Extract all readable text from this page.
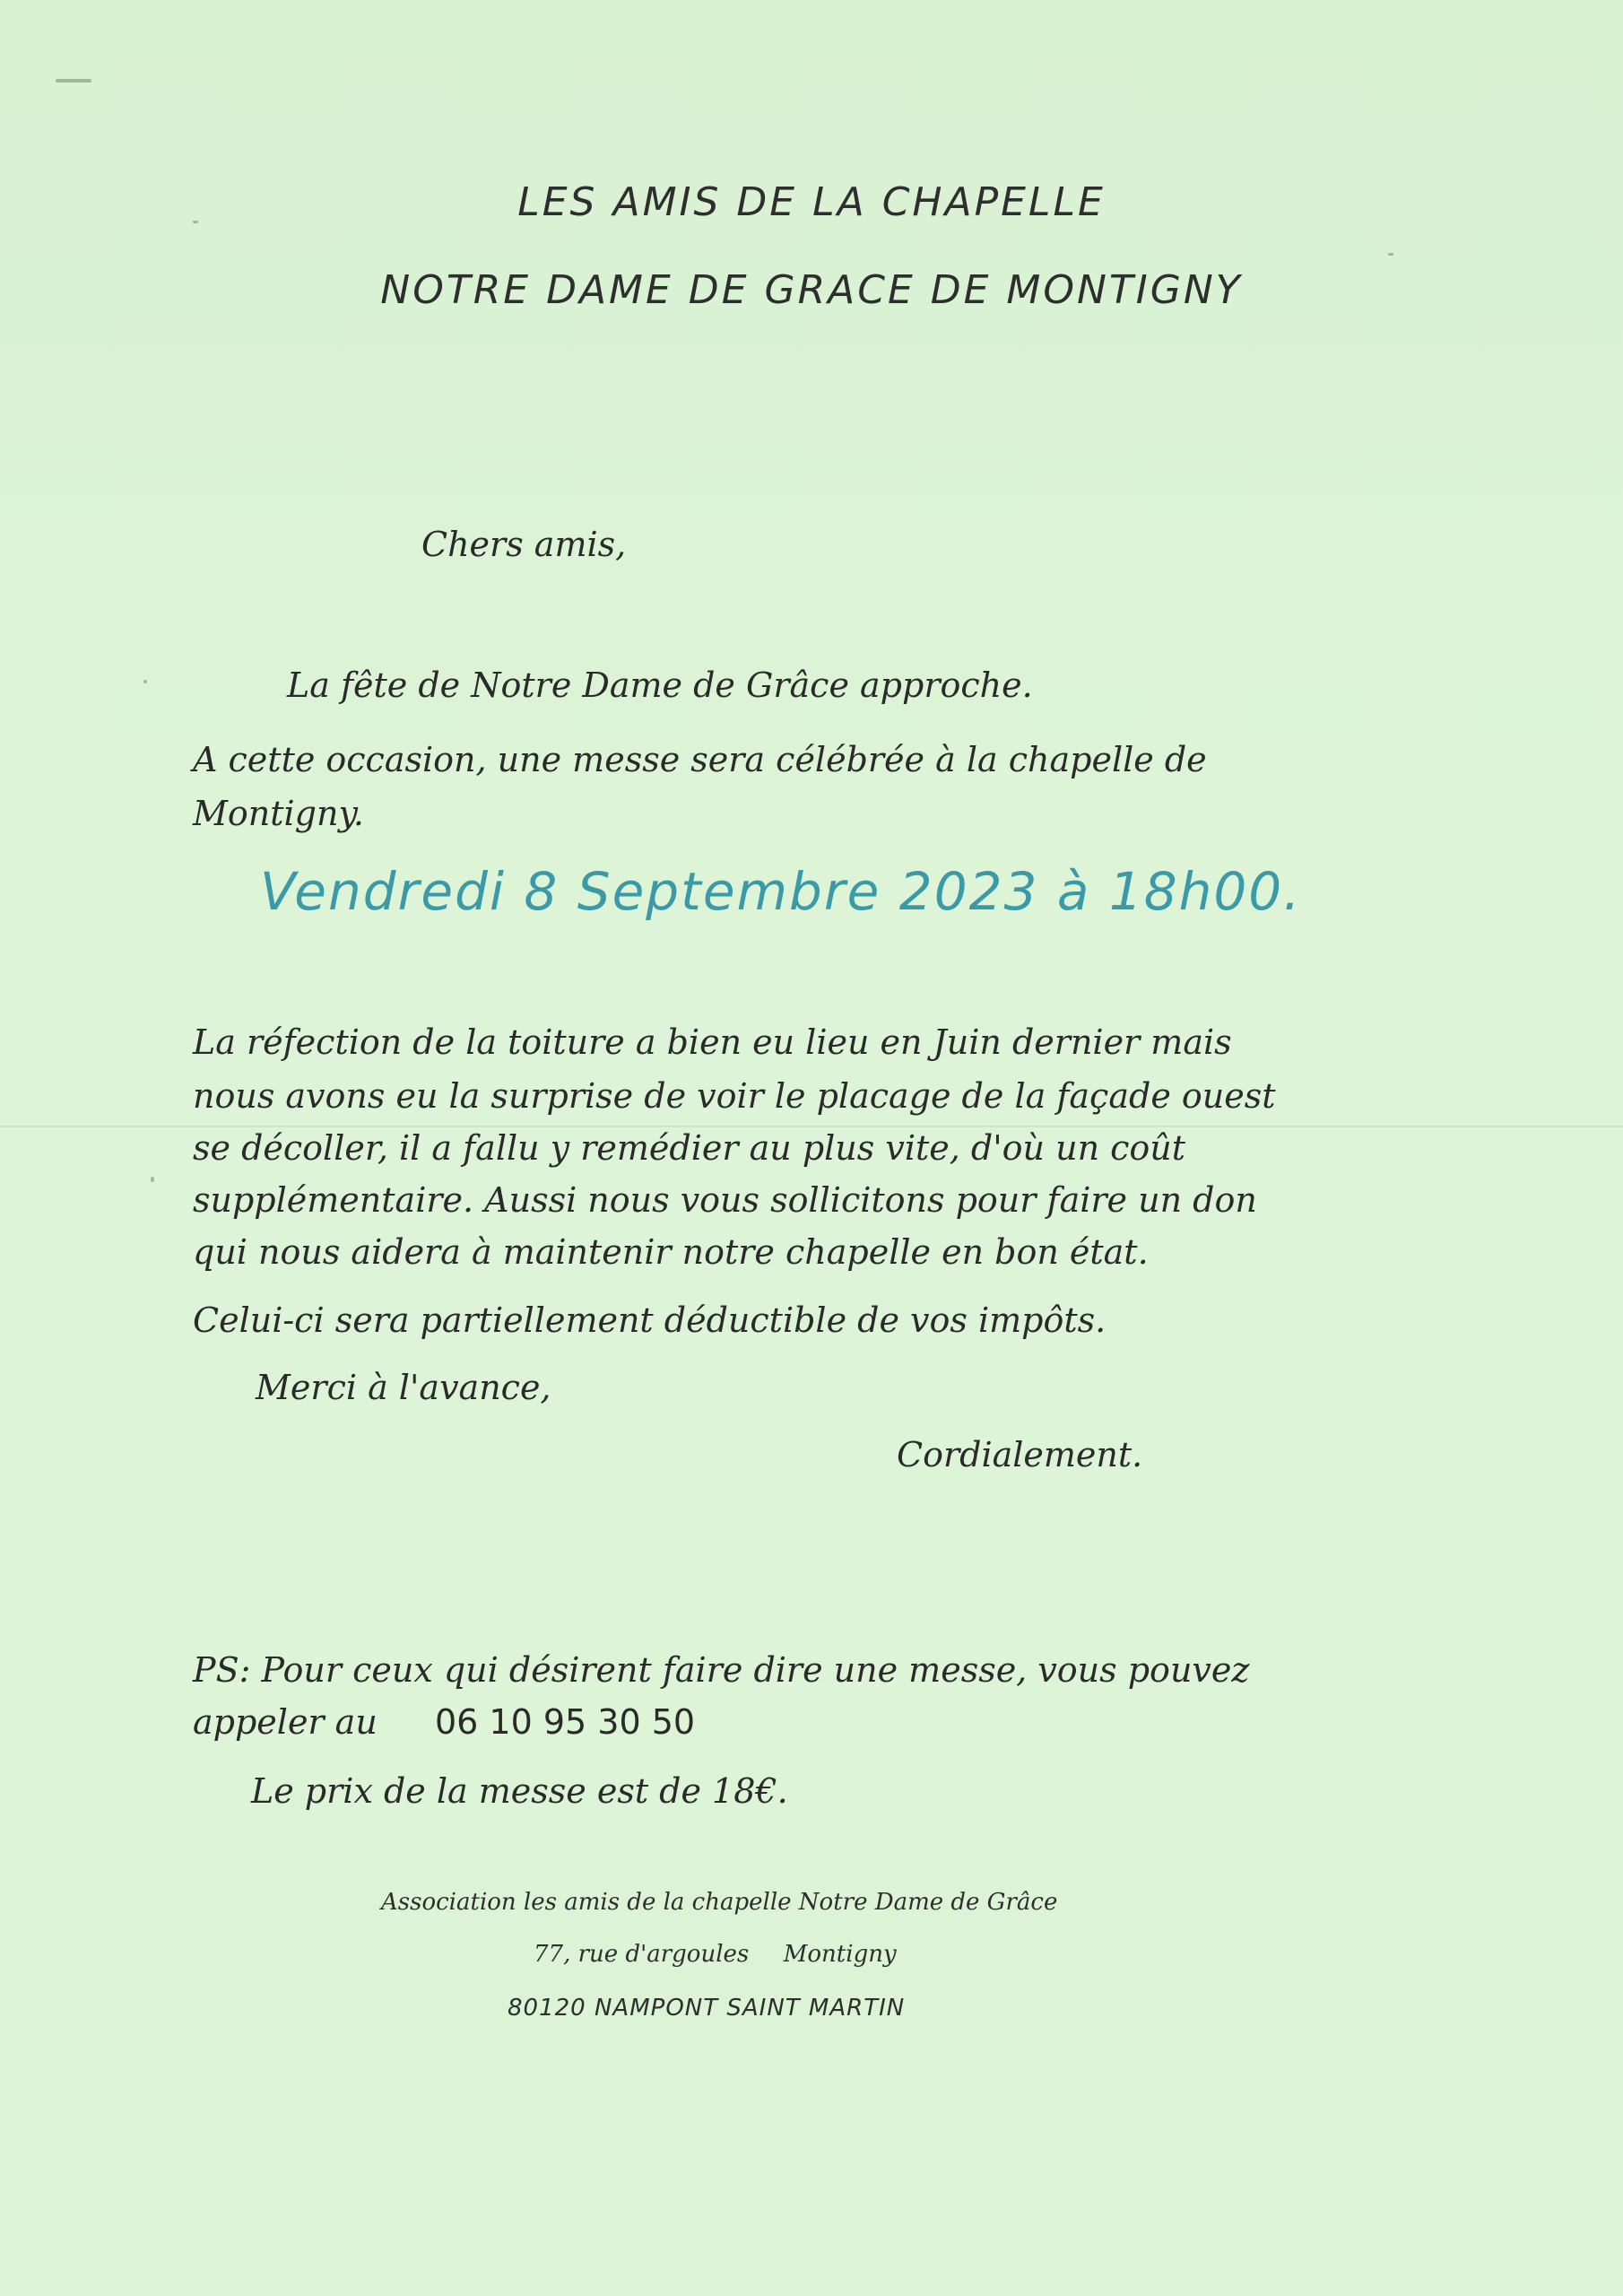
LES AMIS DE LA CHAPELLE
NOTRE DAME DE GRACE DE MONTIGNY
Chers amis,
La fête de Notre Dame de Grâce approche.
A cette occasion, une messe sera célébrée à la chapelle de
Montigny.
Vendredi 8 Septembre 2023 à 18h00.
La réfection de la toiture a bien eu lieu en Juin dernier mais
nous avons eu la surprise de voir le placage de la façade ouest
se décoller, il a fallu y remédier au plus vite, d'où un coût
supplémentaire. Aussi nous vous sollicitons pour faire un don
qui nous aidera à maintenir notre chapelle en bon état.
Celui-ci sera partiellement déductible de vos impôts.
Merci à l'avance,
Cordialement.
PS: Pour ceux qui désirent faire dire une messe, vous pouvez
appeler au 06 10 95 30 50
Le prix de la messe est de 18€.
Association les amis de la chapelle Notre Dame de Grâce
77, rue d'argoules Montigny
80120 NAMPONT SAINT MARTIN
